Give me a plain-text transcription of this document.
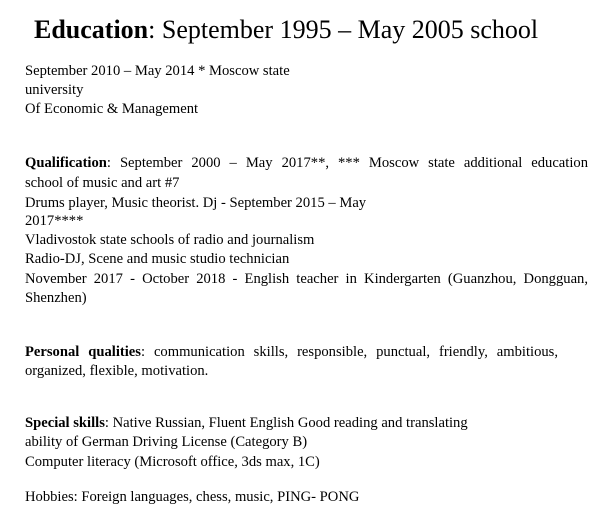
Education: September 1995 – May 2005 school
September 2010 – May 2014 * Moscow state
university
Of Economic & Management
Qualification: September 2000 – May 2017**, *** Moscow state additional education
school of music and art #7
Drums player, Music theorist. Dj - September 2015 – May
2017****
Vladivostok state schools of radio and journalism
Radio-DJ, Scene and music studio technician
November 2017 - October 2018 - English teacher in Kindergarten (Guanzhou, Dongguan,
Shenzhen)
Personal qualities: communication skills, responsible, punctual, friendly, ambitious,
organized, flexible, motivation.
Special skills: Native Russian, Fluent English Good reading and translating
ability of German Driving License (Category B)
Computer literacy (Microsoft office, 3ds max, 1C)
Hobbies: Foreign languages, chess, music, PING- PONG
